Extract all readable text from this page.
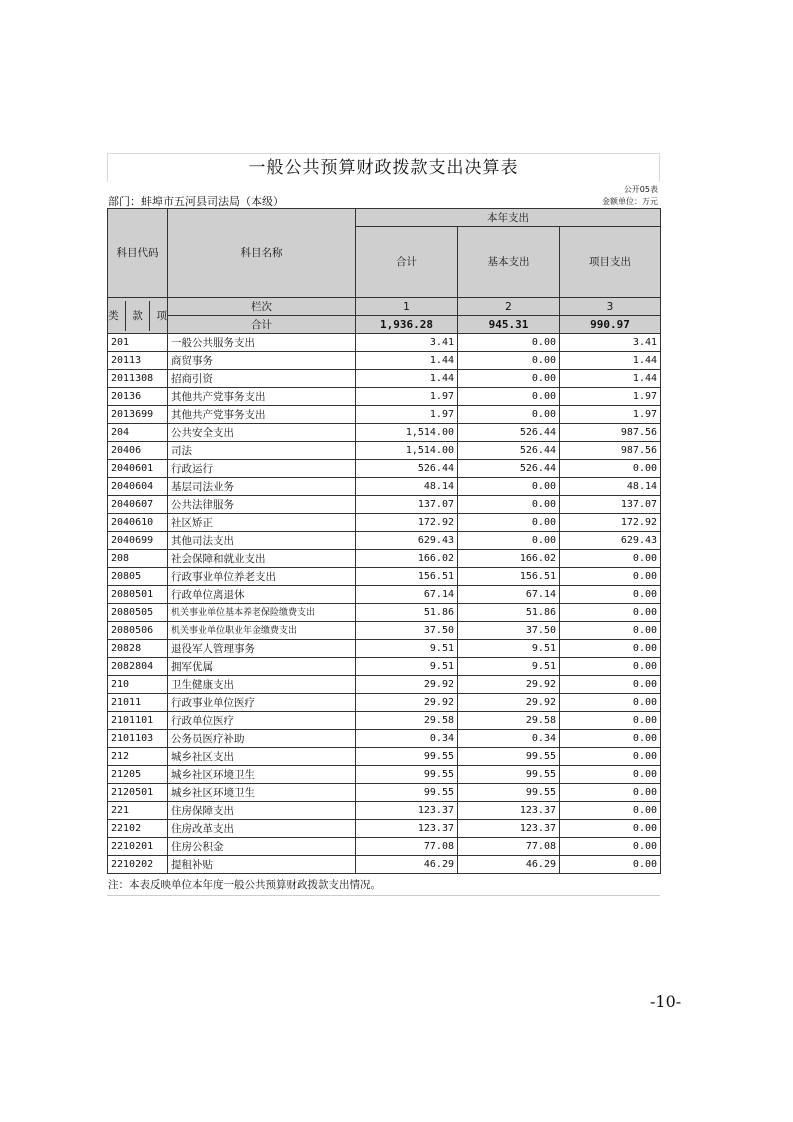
一般公共预算财政拨款支出决算表
公开05表
金额单位：万元
部门：蚌埠市五河县司法局（本级）
科目代码	科目名称	本年支出		
		合计	基本支出	项目支出
类 款 项	栏次	1	2	3
	合计	1,936.28	945.31	990.97
201	一般公共服务支出	3.41	0.00	3.41
20113	商贸事务	1.44	0.00	1.44
2011308	招商引资	1.44	0.00	1.44
20136	其他共产党事务支出	1.97	0.00	1.97
2013699	其他共产党事务支出	1.97	0.00	1.97
204	公共安全支出	1,514.00	526.44	987.56
20406	司法	1,514.00	526.44	987.56
2040601	行政运行	526.44	526.44	0.00
2040604	基层司法业务	48.14	0.00	48.14
2040607	公共法律服务	137.07	0.00	137.07
2040610	社区矫正	172.92	0.00	172.92
2040699	其他司法支出	629.43	0.00	629.43
208	社会保障和就业支出	166.02	166.02	0.00
20805	行政事业单位养老支出	156.51	156.51	0.00
2080501	行政单位离退休	67.14	67.14	0.00
2080505	机关事业单位基本养老保险缴费支出	51.86	51.86	0.00
2080506	机关事业单位职业年金缴费支出	37.50	37.50	0.00
20828	退役军人管理事务	9.51	9.51	0.00
2082804	拥军优属	9.51	9.51	0.00
210	卫生健康支出	29.92	29.92	0.00
21011	行政事业单位医疗	29.92	29.92	0.00
2101101	行政单位医疗	29.58	29.58	0.00
2101103	公务员医疗补助	0.34	0.34	0.00
212	城乡社区支出	99.55	99.55	0.00
21205	城乡社区环境卫生	99.55	99.55	0.00
2120501	城乡社区环境卫生	99.55	99.55	0.00
221	住房保障支出	123.37	123.37	0.00
22102	住房改革支出	123.37	123.37	0.00
2210201	住房公积金	77.08	77.08	0.00
2210202	提租补贴	46.29	46.29	0.00
注：本表反映单位本年度一般公共预算财政拨款支出情况。
-10-
